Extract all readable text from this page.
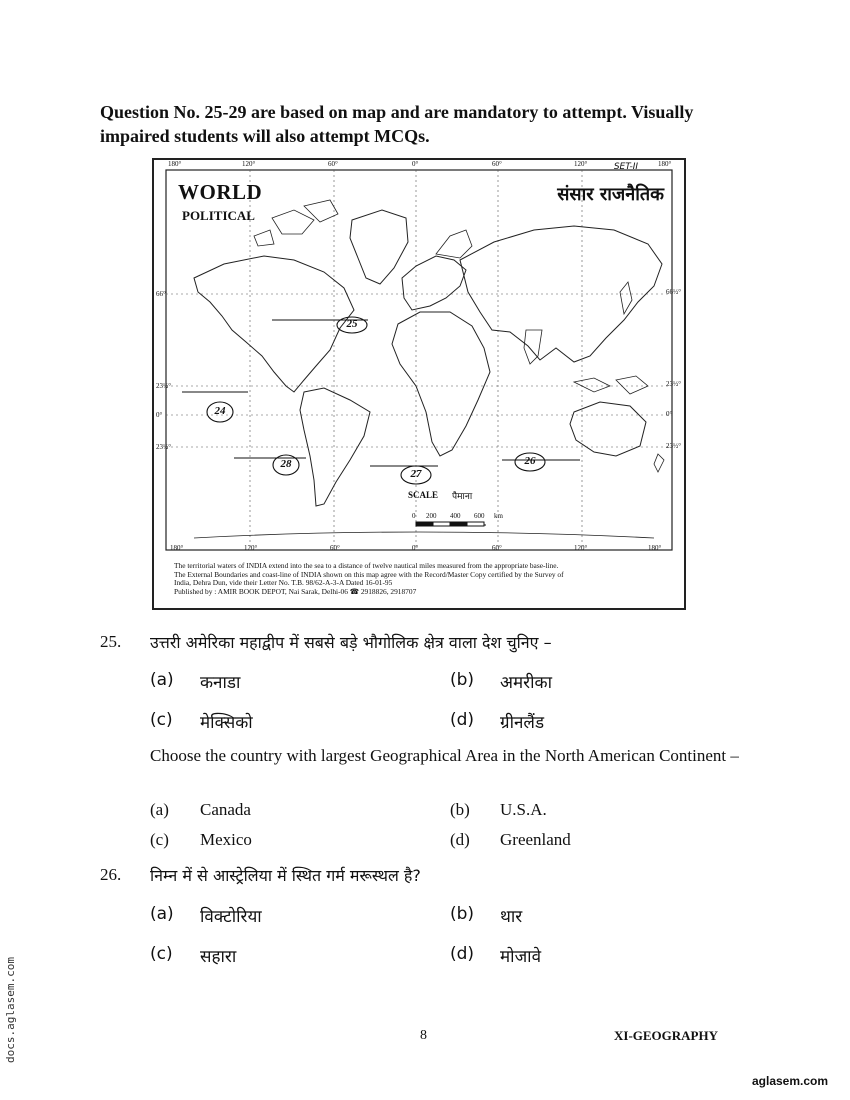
Question No. 25-29 are based on map and are mandatory to attempt. Visually impaired students will also attempt MCQs.
SET-II
WORLD
POLITICAL
संसार राजनैतिक
180°	120°	60°	0°	60°	120°	180°
180°	120°	60°	0°	60°	120°	180°
66°
23½°
0°
23½°
66½°
23½°
0°
23½°
25
24
28
27
26
SCALE पैमाना
0 200 400 600 km
The territorial waters of INDIA extend into the sea to a distance of twelve nautical miles measured from the appropriate base-line.
The External Boundaries and coast-line of INDIA shown on this map agree with the Record/Master Copy certified by the Survey of
India, Dehra Dun, vide their Letter No. T.B. 98/62-A-3-A Dated 16-01-95
Published by : AMIR BOOK DEPOT, Nai Sarak, Delhi-06 ☎ 2918826, 2918707
25. उत्तरी अमेरिका महाद्वीप में सबसे बड़े भौगोलिक क्षेत्र वाला देश चुनिए –
(a) कनाडा	(b) अमरीका
(c) मेक्सिको	(d) ग्रीनलैंड
Choose the country with largest Geographical Area in the North American Continent –
(a) Canada	(b) U.S.A.
(c) Mexico	(d) Greenland
26. निम्न में से आस्ट्रेलिया में स्थित गर्म मरूस्थल है?
(a) विक्टोरिया	(b) थार
(c) सहारा	(d) मोजावे
8	XI-GEOGRAPHY
docs.aglasem.com
aglasem.com
